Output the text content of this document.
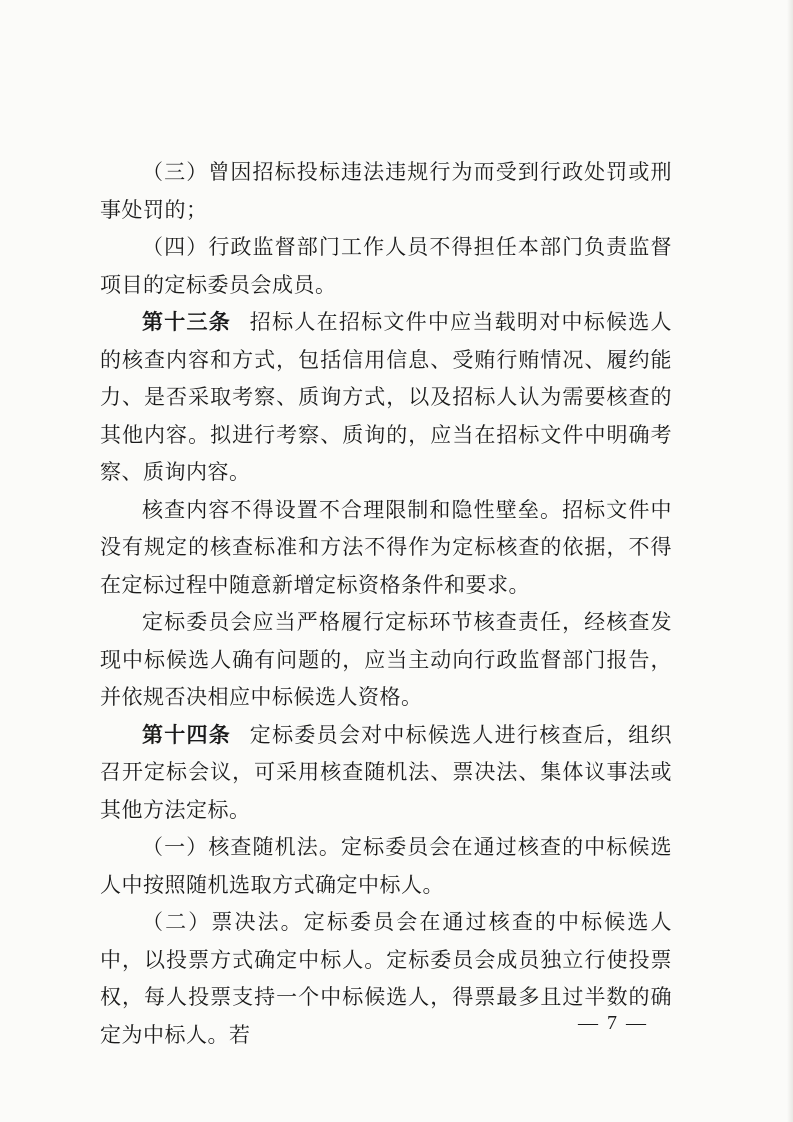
（三）曾因招标投标违法违规行为而受到行政处罚或刑事处罚的；

（四）行政监督部门工作人员不得担任本部门负责监督项目的定标委员会成员。

第十三条 招标人在招标文件中应当载明对中标候选人的核查内容和方式，包括信用信息、受贿行贿情况、履约能力、是否采取考察、质询方式，以及招标人认为需要核查的其他内容。拟进行考察、质询的，应当在招标文件中明确考察、质询内容。

核查内容不得设置不合理限制和隐性壁垒。招标文件中没有规定的核查标准和方法不得作为定标核查的依据，不得在定标过程中随意新增定标资格条件和要求。

定标委员会应当严格履行定标环节核查责任，经核查发现中标候选人确有问题的，应当主动向行政监督部门报告，并依规否决相应中标候选人资格。

第十四条 定标委员会对中标候选人进行核查后，组织召开定标会议，可采用核查随机法、票决法、集体议事法或其他方法定标。

（一）核查随机法。定标委员会在通过核查的中标候选人中按照随机选取方式确定中标人。

（二）票决法。定标委员会在通过核查的中标候选人中，以投票方式确定中标人。定标委员会成员独立行使投票权，每人投票支持一个中标候选人，得票最多且过半数的确定为中标人。若	— 7 —
